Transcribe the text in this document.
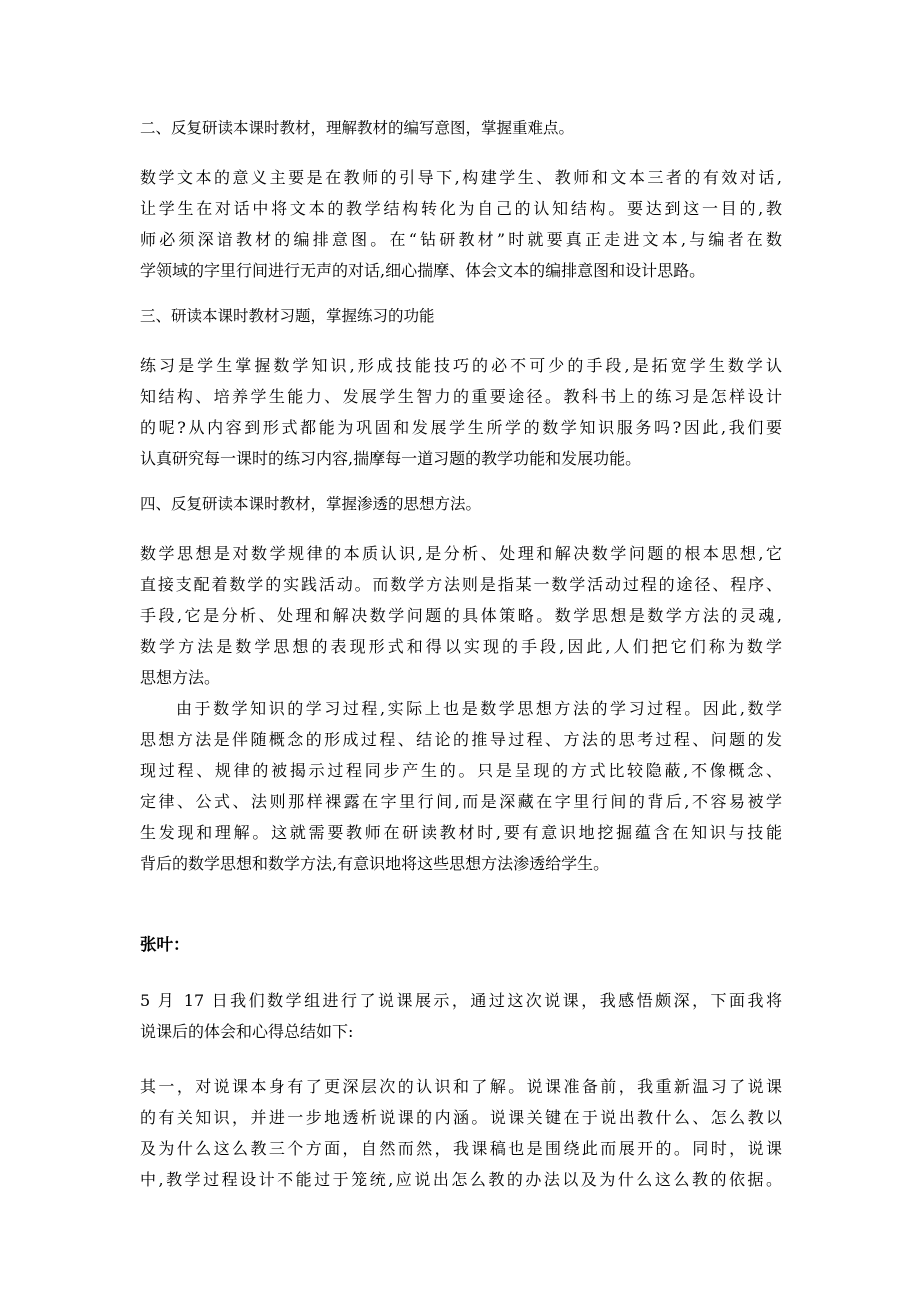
二、反复研读本课时教材，理解教材的编写意图，掌握重难点。
数学文本的意义主要是在教师的引导下,构建学生、教师和文本三者的有效对话,
让学生在对话中将文本的教学结构转化为自己的认知结构。要达到这一目的,教
师必须深谙教材的编排意图。在“钻研教材”时就要真正走进文本,与编者在数
学领域的字里行间进行无声的对话,细心揣摩、体会文本的编排意图和设计思路。
三、研读本课时教材习题，掌握练习的功能
练习是学生掌握数学知识,形成技能技巧的必不可少的手段,是拓宽学生数学认
知结构、培养学生能力、发展学生智力的重要途径。教科书上的练习是怎样设计
的呢?从内容到形式都能为巩固和发展学生所学的数学知识服务吗?因此,我们要
认真研究每一课时的练习内容,揣摩每一道习题的教学功能和发展功能。
四、反复研读本课时教材，掌握渗透的思想方法。
数学思想是对数学规律的本质认识,是分析、处理和解决数学问题的根本思想,它
直接支配着数学的实践活动。而数学方法则是指某一数学活动过程的途径、程序、
手段,它是分析、处理和解决数学问题的具体策略。数学思想是数学方法的灵魂,
数学方法是数学思想的表现形式和得以实现的手段,因此,人们把它们称为数学
思想方法。
由于数学知识的学习过程,实际上也是数学思想方法的学习过程。因此,数学
思想方法是伴随概念的形成过程、结论的推导过程、方法的思考过程、问题的发
现过程、规律的被揭示过程同步产生的。只是呈现的方式比较隐蔽,不像概念、
定律、公式、法则那样裸露在字里行间,而是深藏在字里行间的背后,不容易被学
生发现和理解。这就需要教师在研读教材时,要有意识地挖掘蕴含在知识与技能
背后的数学思想和数学方法,有意识地将这些思想方法渗透给学生。
张叶：
5 月 17 日我们数学组进行了说课展示，通过这次说课，我感悟颇深，下面我将
说课后的体会和心得总结如下:
其一，对说课本身有了更深层次的认识和了解。说课准备前，我重新温习了说课
的有关知识，并进一步地透析说课的内涵。说课关键在于说出教什么、怎么教以
及为什么这么教三个方面，自然而然，我课稿也是围绕此而展开的。同时，说课
中,教学过程设计不能过于笼统,应说出怎么教的办法以及为什么这么教的依据。
